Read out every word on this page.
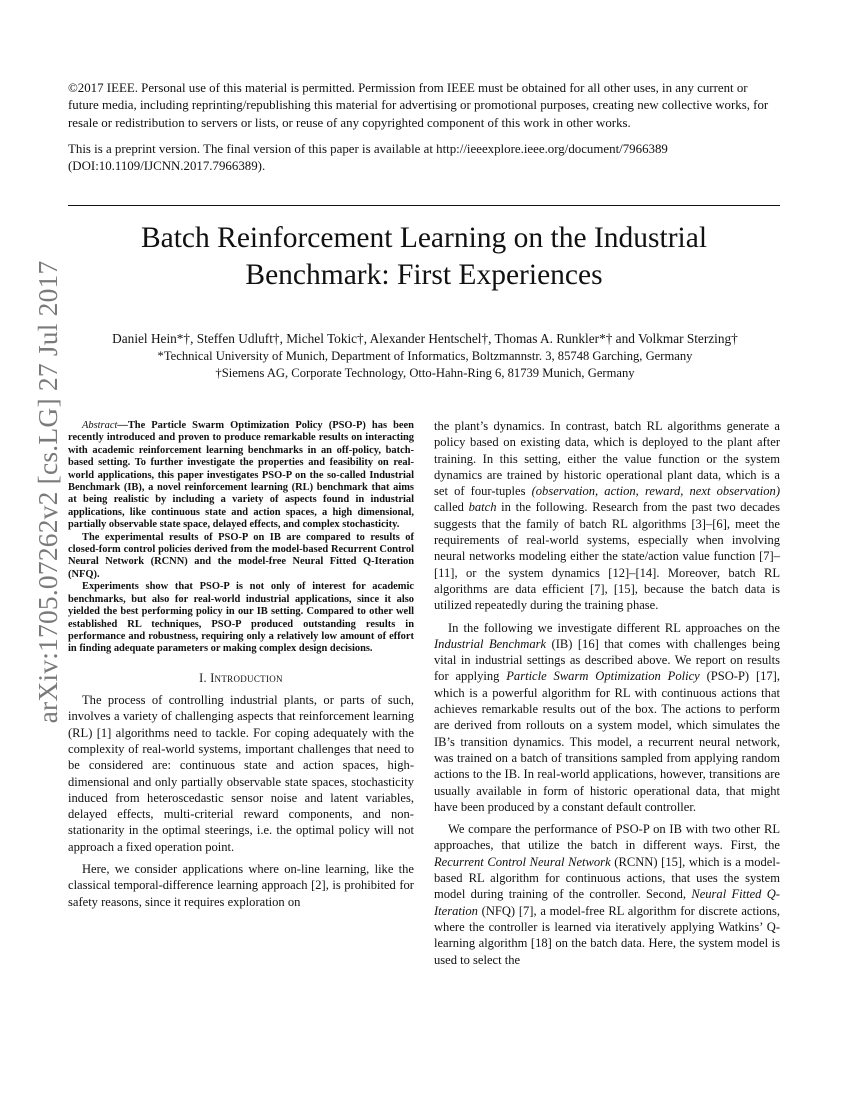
arXiv:1705.07262v2 [cs.LG] 27 Jul 2017

©2017 IEEE. Personal use of this material is permitted. Permission from IEEE must be obtained for all other uses, in any current or future media, including reprinting/republishing this material for advertising or promotional purposes, creating new collective works, for resale or redistribution to servers or lists, or reuse of any copyrighted component of this work in other works.

This is a preprint version. The final version of this paper is available at http://ieeexplore.ieee.org/document/7966389 (DOI:10.1109/IJCNN.2017.7966389).

Batch Reinforcement Learning on the Industrial Benchmark: First Experiences
Daniel Hein*†, Steffen Udluft†, Michel Tokic†, Alexander Hentschel†, Thomas A. Runkler*† and Volkmar Sterzing†
*Technical University of Munich, Department of Informatics, Boltzmannstr. 3, 85748 Garching, Germany
†Siemens AG, Corporate Technology, Otto-Hahn-Ring 6, 81739 Munich, Germany

Abstract—The Particle Swarm Optimization Policy (PSO-P) has been recently introduced and proven to produce remarkable results on interacting with academic reinforcement learning benchmarks in an off-policy, batch-based setting. To further investigate the properties and feasibility on real-world applications, this paper investigates PSO-P on the so-called Industrial Benchmark (IB), a novel reinforcement learning (RL) benchmark that aims at being realistic by including a variety of aspects found in industrial applications, like continuous state and action spaces, a high dimensional, partially observable state space, delayed effects, and complex stochasticity.

The experimental results of PSO-P on IB are compared to results of closed-form control policies derived from the model-based Recurrent Control Neural Network (RCNN) and the model-free Neural Fitted Q-Iteration (NFQ).

Experiments show that PSO-P is not only of interest for academic benchmarks, but also for real-world industrial applications, since it also yielded the best performing policy in our IB setting. Compared to other well established RL techniques, PSO-P produced outstanding results in performance and robustness, requiring only a relatively low amount of effort in finding adequate parameters or making complex design decisions.

I. Introduction

The process of controlling industrial plants, or parts of such, involves a variety of challenging aspects that reinforcement learning (RL) [1] algorithms need to tackle. For coping adequately with the complexity of real-world systems, important challenges that need to be considered are: continuous state and action spaces, high-dimensional and only partially observable state spaces, stochasticity induced from heteroscedastic sensor noise and latent variables, delayed effects, multi-criterial reward components, and non-stationarity in the optimal steerings, i.e. the optimal policy will not approach a fixed operation point.

Here, we consider applications where on-line learning, like the classical temporal-difference learning approach [2], is prohibited for safety reasons, since it requires exploration on

the plant’s dynamics. In contrast, batch RL algorithms generate a policy based on existing data, which is deployed to the plant after training. In this setting, either the value function or the system dynamics are trained by historic operational plant data, which is a set of four-tuples (observation, action, reward, next observation) called batch in the following. Research from the past two decades suggests that the family of batch RL algorithms [3]–[6], meet the requirements of real-world systems, especially when involving neural networks modeling either the state/action value function [7]–[11], or the system dynamics [12]–[14]. Moreover, batch RL algorithms are data efficient [7], [15], because the batch data is utilized repeatedly during the training phase.

In the following we investigate different RL approaches on the Industrial Benchmark (IB) [16] that comes with challenges being vital in industrial settings as described above. We report on results for applying Particle Swarm Optimization Policy (PSO-P) [17], which is a powerful algorithm for RL with continuous actions that achieves remarkable results out of the box. The actions to perform are derived from rollouts on a system model, which simulates the IB’s transition dynamics. This model, a recurrent neural network, was trained on a batch of transitions sampled from applying random actions to the IB. In real-world applications, however, transitions are usually available in form of historic operational data, that might have been produced by a constant default controller.

We compare the performance of PSO-P on IB with two other RL approaches, that utilize the batch in different ways. First, the Recurrent Control Neural Network (RCNN) [15], which is a model-based RL algorithm for continuous actions, that uses the system model during training of the controller. Second, Neural Fitted Q-Iteration (NFQ) [7], a model-free RL algorithm for discrete actions, where the controller is learned via iteratively applying Watkins’ Q-learning algorithm [18] on the batch data. Here, the system model is used to select the
